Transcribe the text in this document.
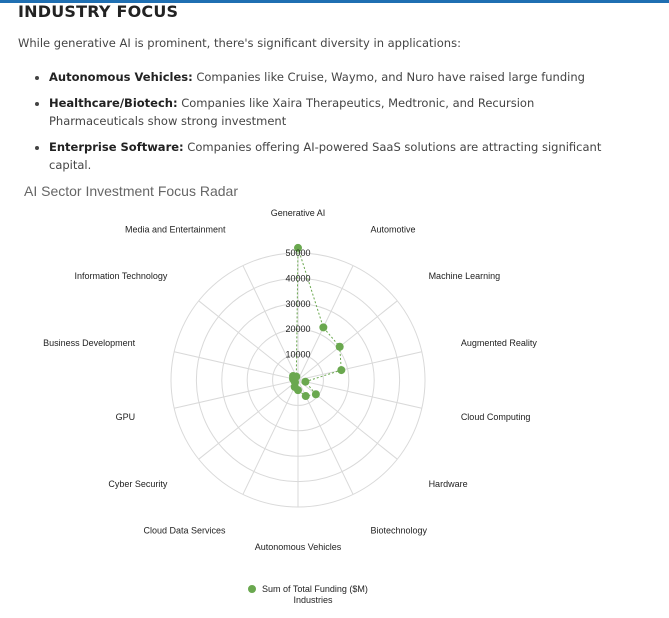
INDUSTRY FOCUS
While generative AI is prominent, there's significant diversity in applications:
• Autonomous Vehicles: Companies like Cruise, Waymo, and Nuro have raised large funding
• Healthcare/Biotech: Companies like Xaira Therapeutics, Medtronic, and Recursion Pharmaceuticals show strong investment
• Enterprise Software: Companies offering AI-powered SaaS solutions are attracting significant capital.
AI Sector Investment Focus Radar
10000
20000
30000
40000
50000
Generative AI
Automotive
Machine Learning
Augmented Reality
Cloud Computing
Hardware
Biotechnology
Autonomous Vehicles
Cloud Data Services
Cyber Security
GPU
Business Development
Information Technology
Media and Entertainment
Sum of Total Funding ($M)
Industries
